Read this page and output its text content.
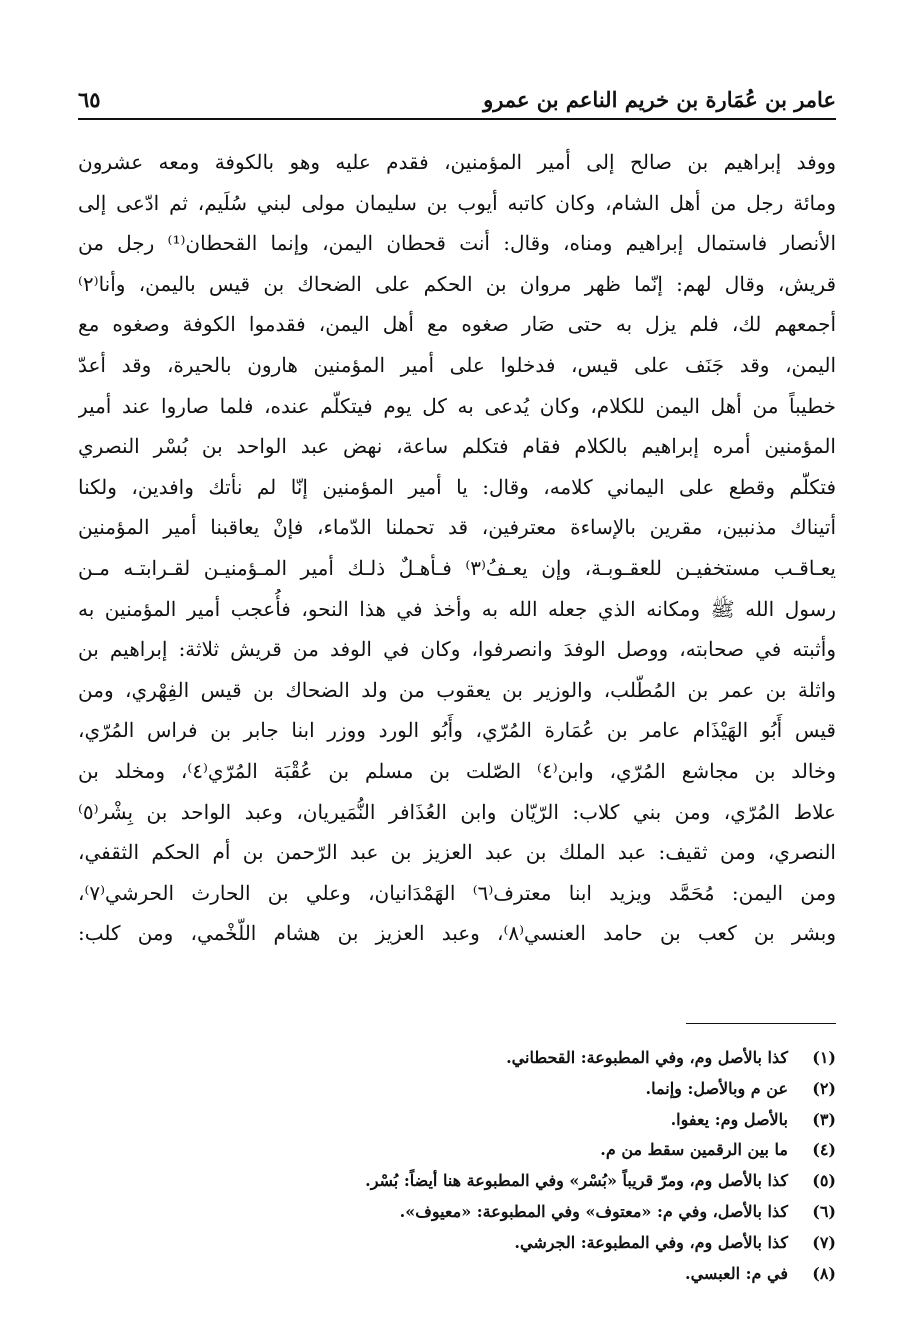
عامر بن عُمَارة بن خريم الناعم بن عمرو
٦٥
ووفد إبراهيم بن صالح إلى أمير المؤمنين، فقدم عليه وهو بالكوفة ومعه عشرون
ومائة رجل من أهل الشام، وكان كاتبه أيوب بن سليمان مولى لبني سُلَيم، ثم ادّعى إلى
الأنصار فاستمال إبراهيم ومناه، وقال: أنت قحطان اليمن، وإنما القحطان⁽¹⁾ رجل من
قريش، وقال لهم: إنّما ظهر مروان بن الحكم على الضحاك بن قيس باليمن، وأنا⁽٢⁾
أجمعهم لك، فلم يزل به حتى صَار صغوه مع أهل اليمن، فقدموا الكوفة وصغوه مع
اليمن، وقد جَنَف على قيس، فدخلوا على أمير المؤمنين هارون بالحيرة، وقد أعدّ
خطيباً من أهل اليمن للكلام، وكان يُدعى به كل يوم فيتكلّم عنده، فلما صاروا عند أمير
المؤمنين أمره إبراهيم بالكلام فقام فتكلم ساعة، نهض عبد الواحد بن بُسْر النصري
فتكلّم وقطع على اليماني كلامه، وقال: يا أمير المؤمنين إنّا لم نأتك وافدين، ولكنا
أتيناك مذنبين، مقرين بالإساءة معترفين، قد تحملنا الدّماء، فإنْ يعاقبنا أمير المؤمنين
يعـاقـب مستخفيـن للعقـوبـة، وإن يعـفُ⁽٣⁾ فـأهـلٌ ذلـك أمير المـؤمنيـن لقـرابتـه مـن
رسول الله ﷺ ومكانه الذي جعله الله به وأخذ في هذا النحو، فأُعجب أمير المؤمنين به
وأثبته في صحابته، ووصل الوفدَ وانصرفوا، وكان في الوفد من قريش ثلاثة: إبراهيم بن
واثلة بن عمر بن المُطّلب، والوزير بن يعقوب من ولد الضحاك بن قيس الفِهْري، ومن
قيس أَبُو الهَيْذَام عامر بن عُمَارة المُرّي، وأَبُو الورد ووزر ابنا جابر بن فراس المُرّي،
وخالد بن مجاشع المُرّي، وابن⁽٤⁾ الصّلت بن مسلم بن عُقْبَة المُرّي⁽٤⁾، ومخلد بن
علاط المُرّي، ومن بني كلاب: الرّيّان وابن العُذَافر النُّمَيريان، وعبد الواحد بن بِشْر⁽٥⁾
النصري، ومن ثقيف: عبد الملك بن عبد العزيز بن عبد الرّحمن بن أم الحكم الثقفي،
ومن اليمن: مُحَمَّد ويزيد ابنا معترف⁽٦⁾ الهَمْدَانيان، وعلي بن الحارث الحرشي⁽٧⁾،
وبشر بن كعب بن حامد العنسي⁽٨⁾، وعبد العزيز بن هشام اللّخْمي، ومن كلب:
(١)
كذا بالأصل وم، وفي المطبوعة: القحطاني.
(٢)
عن م وبالأصل: وإنما.
(٣)
بالأصل وم: يعفوا.
(٤)
ما بين الرقمين سقط من م.
(٥)
كذا بالأصل وم، ومرّ قريباً «بُسْر» وفي المطبوعة هنا أيضاً: بُسْر.
(٦)
كذا بالأصل، وفي م: «معتوف» وفي المطبوعة: «معيوف».
(٧)
كذا بالأصل وم، وفي المطبوعة: الجرشي.
(٨)
في م: العبسي.
